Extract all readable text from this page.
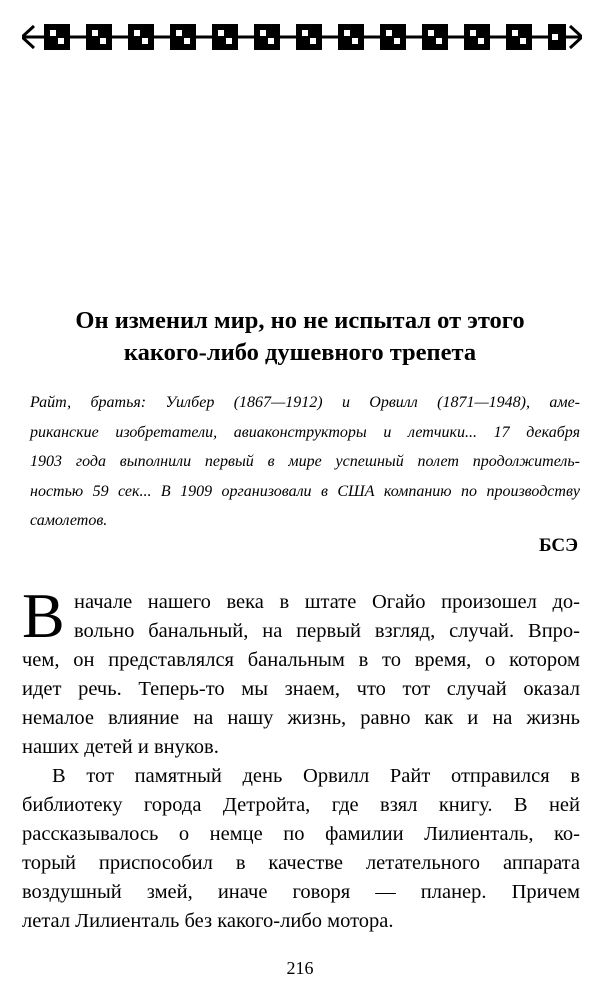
Он изменил мир, но не испытал от этого
какого-либо душевного трепета
Райт, братья: Уилбер (1867—1912) и Орвилл (1871—1948), аме-
риканские изобретатели, авиаконструкторы и летчики... 17 декабря
1903 года выполнили первый в мире успешный полет продолжитель-
ностью 59 сек... В 1909 организовали в США компанию по производству
самолетов.
БСЭ
В начале нашего века в штате Огайо произошел до-
вольно банальный, на первый взгляд, случай. Впро-
чем, он представлялся банальным в то время, о котором
идет речь. Теперь-то мы знаем, что тот случай оказал
немалое влияние на нашу жизнь, равно как и на жизнь
наших детей и внуков.
В тот памятный день Орвилл Райт отправился в
библиотеку города Детройта, где взял книгу. В ней
рассказывалось о немце по фамилии Лилиенталь, ко-
торый приспособил в качестве летательного аппарата
воздушный змей, иначе говоря — планер. Причем
летал Лилиенталь без какого-либо мотора.
216
